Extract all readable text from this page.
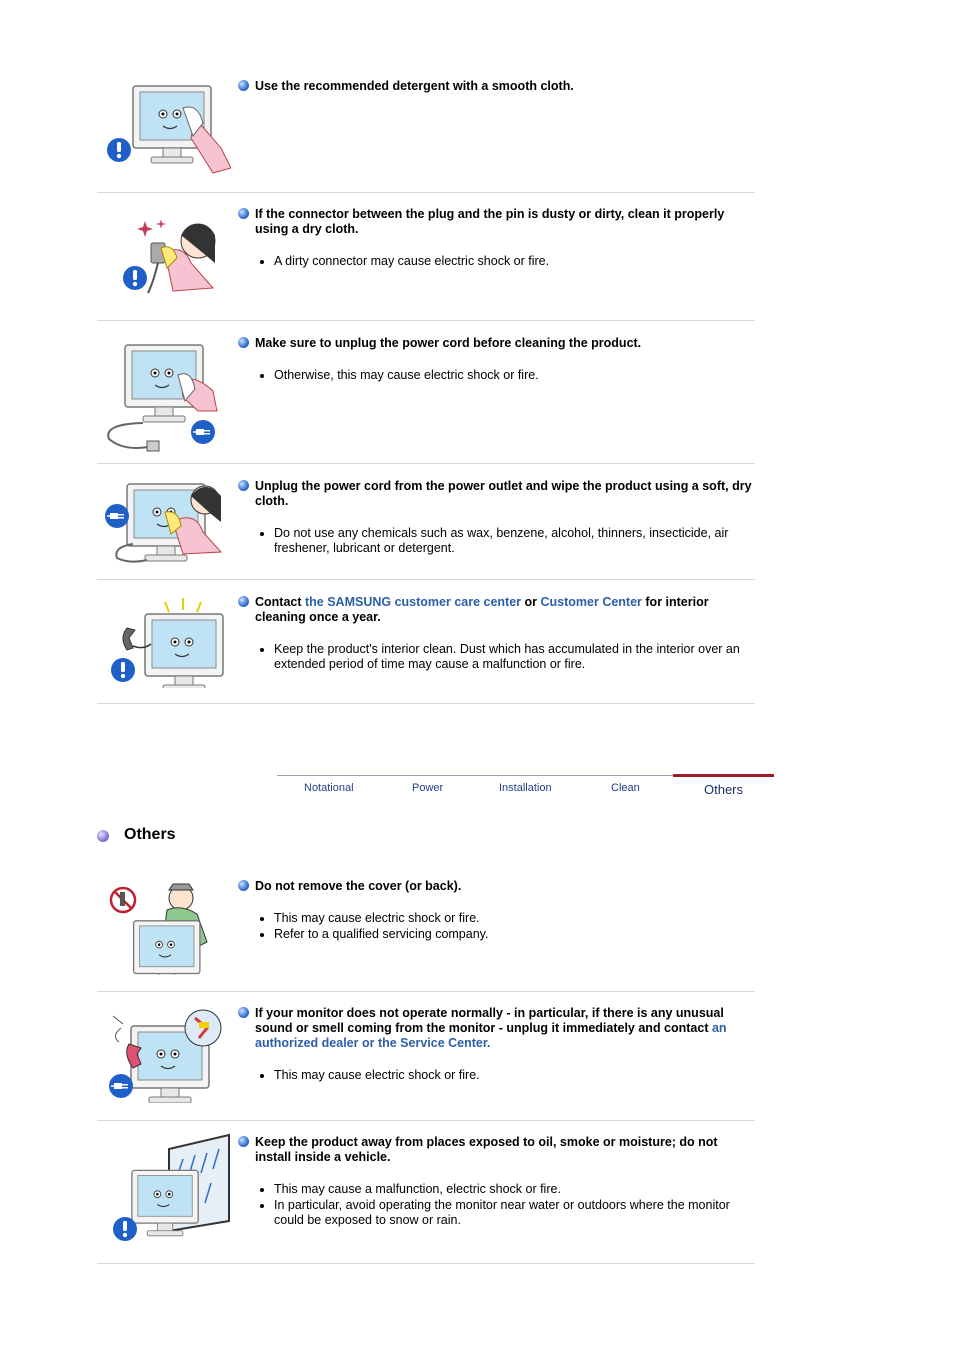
Use the recommended detergent with a smooth cloth.
If the connector between the plug and the pin is dusty or dirty, clean it properly using a dry cloth.
• A dirty connector may cause electric shock or fire.
Make sure to unplug the power cord before cleaning the product.
• Otherwise, this may cause electric shock or fire.
Unplug the power cord from the power outlet and wipe the product using a soft, dry cloth.
• Do not use any chemicals such as wax, benzene, alcohol, thinners, insecticide, air freshener, lubricant or detergent.
Contact the SAMSUNG customer care center or Customer Center for interior cleaning once a year.
• Keep the product's interior clean. Dust which has accumulated in the interior over an extended period of time may cause a malfunction or fire.
Notational	Power	Installation	Clean	Others
Others
Do not remove the cover (or back).
• This may cause electric shock or fire.
• Refer to a qualified servicing company.
If your monitor does not operate normally - in particular, if there is any unusual sound or smell coming from the monitor - unplug it immediately and contact an authorized dealer or the Service Center.
• This may cause electric shock or fire.
Keep the product away from places exposed to oil, smoke or moisture; do not install inside a vehicle.
• This may cause a malfunction, electric shock or fire.
• In particular, avoid operating the monitor near water or outdoors where the monitor could be exposed to snow or rain.
